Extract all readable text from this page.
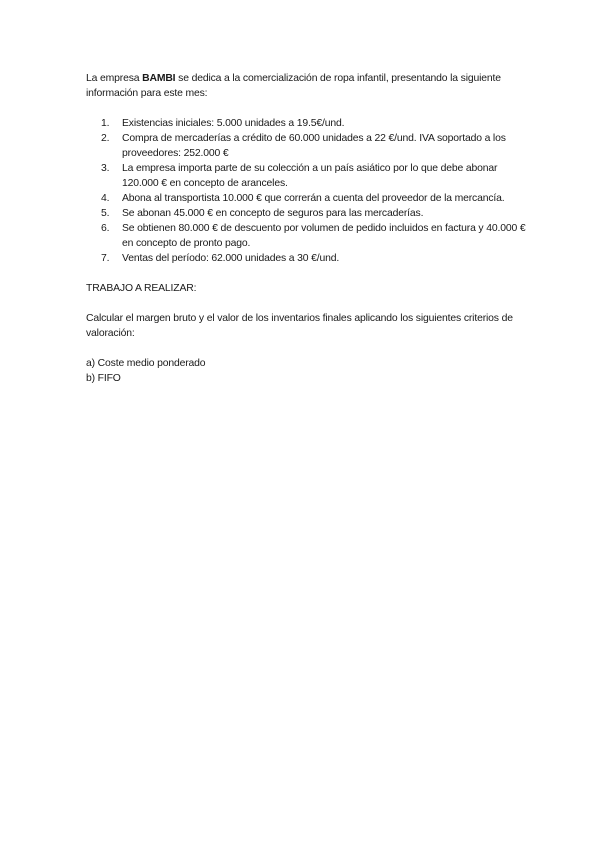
La empresa BAMBI se dedica a la comercialización de ropa infantil, presentando la siguiente información para este mes:

1. Existencias iniciales: 5.000 unidades a 19.5€/und.
2. Compra de mercaderías a crédito de 60.000 unidades a 22 €/und. IVA soportado a los proveedores: 252.000 €
3. La empresa importa parte de su colección a un país asiático por lo que debe abonar 120.000 € en concepto de aranceles.
4. Abona al transportista 10.000 € que correrán a cuenta del proveedor de la mercancía.
5. Se abonan 45.000 € en concepto de seguros para las mercaderías.
6. Se obtienen 80.000 € de descuento por volumen de pedido incluidos en factura y 40.000 € en concepto de pronto pago.
7. Ventas del período: 62.000 unidades a 30 €/und.

TRABAJO A REALIZAR:

Calcular el margen bruto y el valor de los inventarios finales aplicando los siguientes criterios de valoración:

a) Coste medio ponderado
b) FIFO
